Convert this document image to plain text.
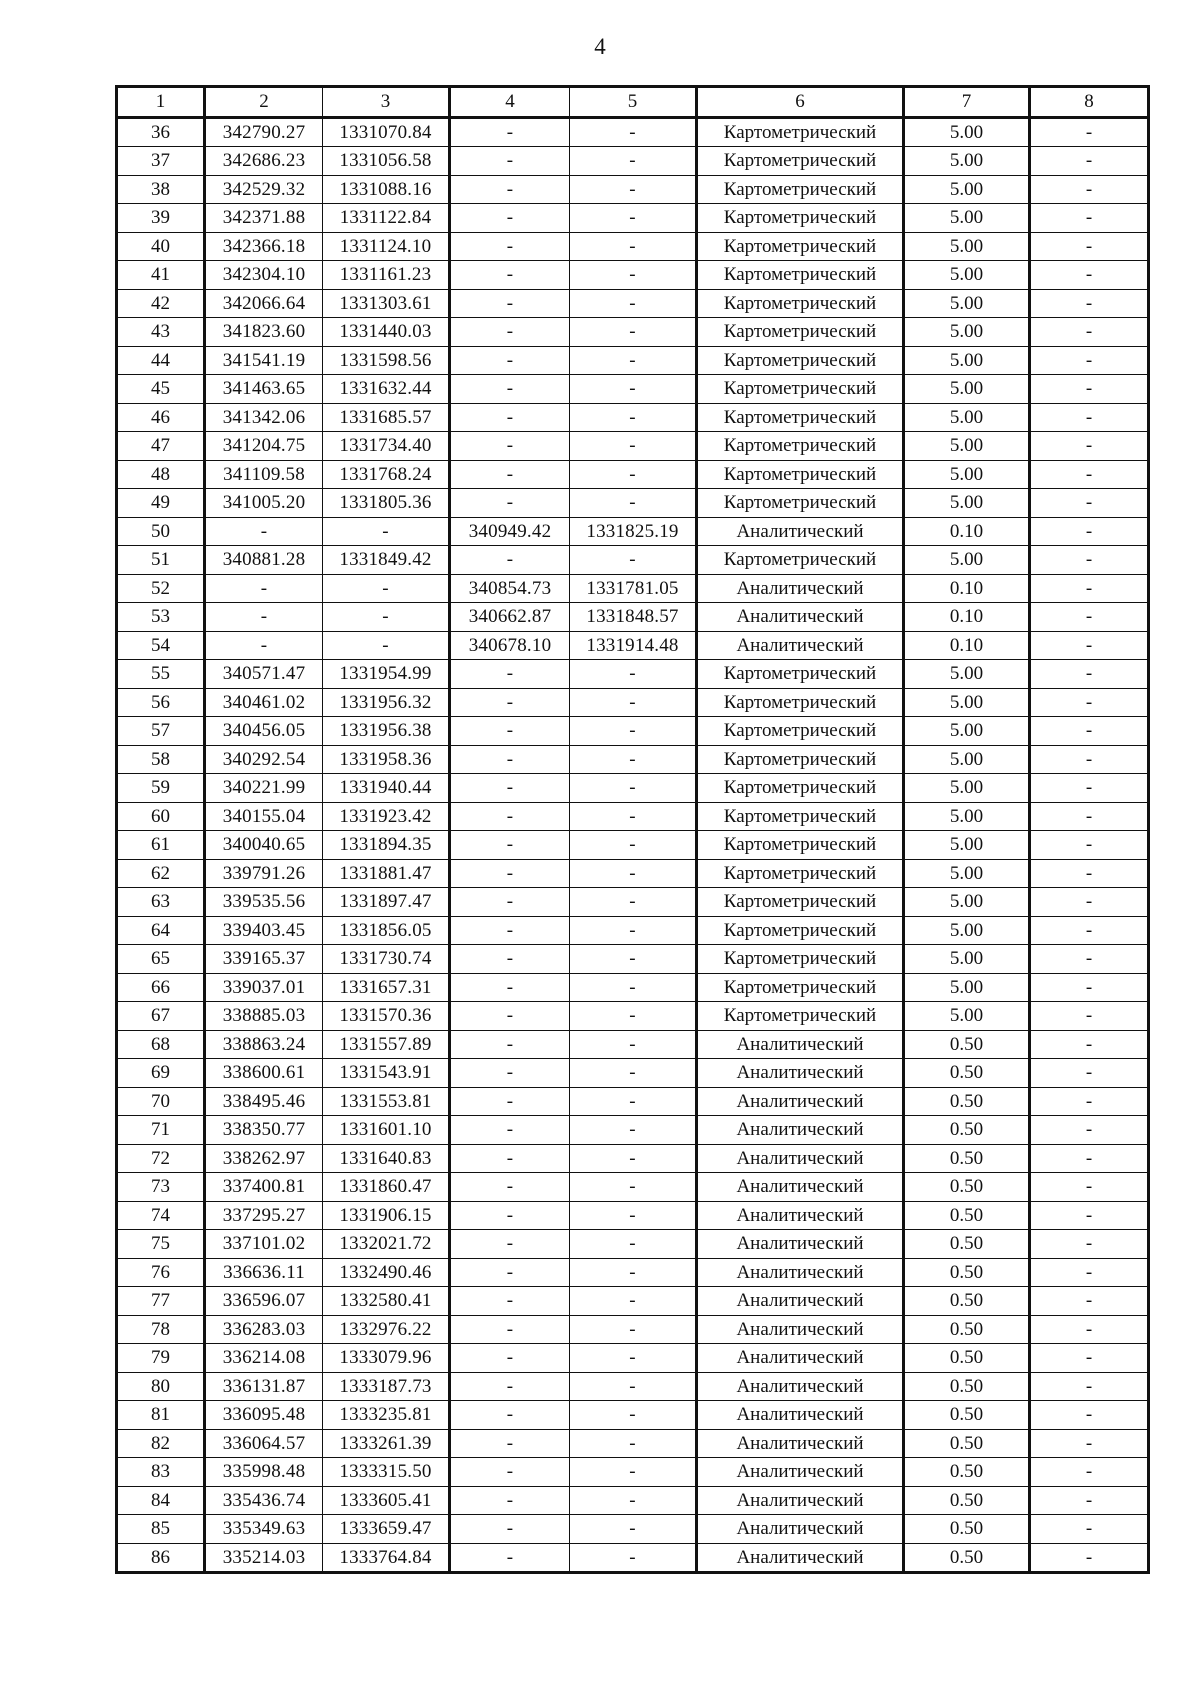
4
1	2	3	4	5	6	7	8
36	342790.27	1331070.84	-	-	Картометрический	5.00	-
37	342686.23	1331056.58	-	-	Картометрический	5.00	-
38	342529.32	1331088.16	-	-	Картометрический	5.00	-
39	342371.88	1331122.84	-	-	Картометрический	5.00	-
40	342366.18	1331124.10	-	-	Картометрический	5.00	-
41	342304.10	1331161.23	-	-	Картометрический	5.00	-
42	342066.64	1331303.61	-	-	Картометрический	5.00	-
43	341823.60	1331440.03	-	-	Картометрический	5.00	-
44	341541.19	1331598.56	-	-	Картометрический	5.00	-
45	341463.65	1331632.44	-	-	Картометрический	5.00	-
46	341342.06	1331685.57	-	-	Картометрический	5.00	-
47	341204.75	1331734.40	-	-	Картометрический	5.00	-
48	341109.58	1331768.24	-	-	Картометрический	5.00	-
49	341005.20	1331805.36	-	-	Картометрический	5.00	-
50	-	-	340949.42	1331825.19	Аналитический	0.10	-
51	340881.28	1331849.42	-	-	Картометрический	5.00	-
52	-	-	340854.73	1331781.05	Аналитический	0.10	-
53	-	-	340662.87	1331848.57	Аналитический	0.10	-
54	-	-	340678.10	1331914.48	Аналитический	0.10	-
55	340571.47	1331954.99	-	-	Картометрический	5.00	-
56	340461.02	1331956.32	-	-	Картометрический	5.00	-
57	340456.05	1331956.38	-	-	Картометрический	5.00	-
58	340292.54	1331958.36	-	-	Картометрический	5.00	-
59	340221.99	1331940.44	-	-	Картометрический	5.00	-
60	340155.04	1331923.42	-	-	Картометрический	5.00	-
61	340040.65	1331894.35	-	-	Картометрический	5.00	-
62	339791.26	1331881.47	-	-	Картометрический	5.00	-
63	339535.56	1331897.47	-	-	Картометрический	5.00	-
64	339403.45	1331856.05	-	-	Картометрический	5.00	-
65	339165.37	1331730.74	-	-	Картометрический	5.00	-
66	339037.01	1331657.31	-	-	Картометрический	5.00	-
67	338885.03	1331570.36	-	-	Картометрический	5.00	-
68	338863.24	1331557.89	-	-	Аналитический	0.50	-
69	338600.61	1331543.91	-	-	Аналитический	0.50	-
70	338495.46	1331553.81	-	-	Аналитический	0.50	-
71	338350.77	1331601.10	-	-	Аналитический	0.50	-
72	338262.97	1331640.83	-	-	Аналитический	0.50	-
73	337400.81	1331860.47	-	-	Аналитический	0.50	-
74	337295.27	1331906.15	-	-	Аналитический	0.50	-
75	337101.02	1332021.72	-	-	Аналитический	0.50	-
76	336636.11	1332490.46	-	-	Аналитический	0.50	-
77	336596.07	1332580.41	-	-	Аналитический	0.50	-
78	336283.03	1332976.22	-	-	Аналитический	0.50	-
79	336214.08	1333079.96	-	-	Аналитический	0.50	-
80	336131.87	1333187.73	-	-	Аналитический	0.50	-
81	336095.48	1333235.81	-	-	Аналитический	0.50	-
82	336064.57	1333261.39	-	-	Аналитический	0.50	-
83	335998.48	1333315.50	-	-	Аналитический	0.50	-
84	335436.74	1333605.41	-	-	Аналитический	0.50	-
85	335349.63	1333659.47	-	-	Аналитический	0.50	-
86	335214.03	1333764.84	-	-	Аналитический	0.50	-
